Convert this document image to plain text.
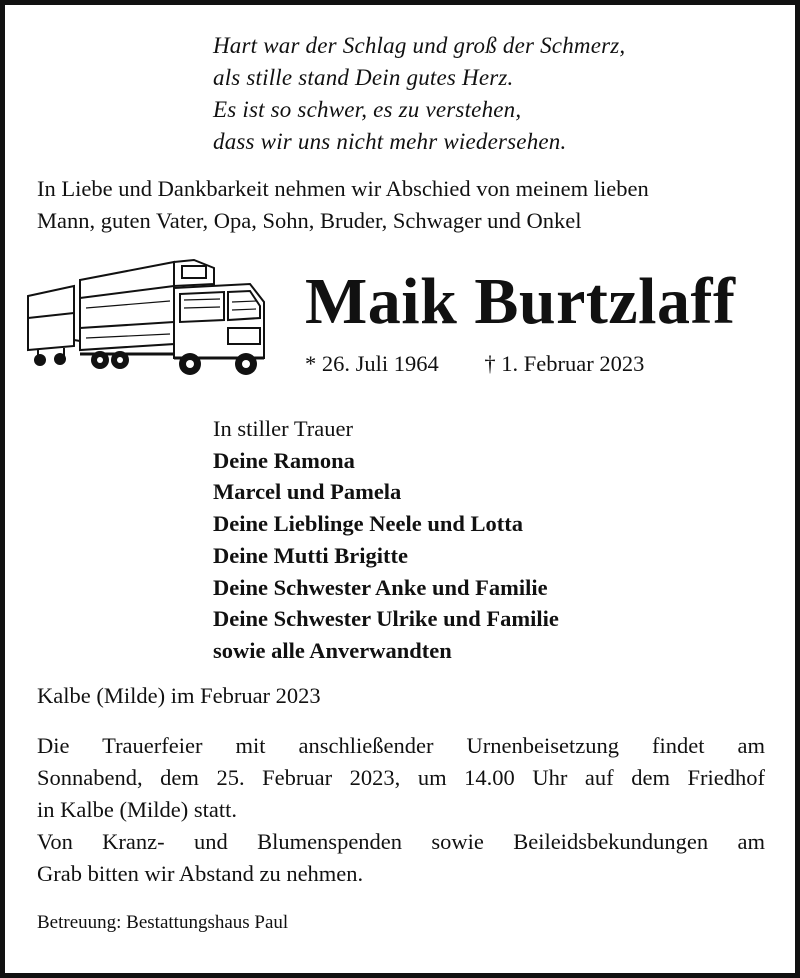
Hart war der Schlag und groß der Schmerz,
als stille stand Dein gutes Herz.
Es ist so schwer, es zu verstehen,
dass wir uns nicht mehr wiedersehen.
In Liebe und Dankbarkeit nehmen wir Abschied von meinem lieben
Mann, guten Vater, Opa, Sohn, Bruder, Schwager und Onkel
Maik Burtzlaff
* 26. Juli 1964 † 1. Februar 2023
In stiller Trauer
Deine Ramona
Marcel und Pamela
Deine Lieblinge Neele und Lotta
Deine Mutti Brigitte
Deine Schwester Anke und Familie
Deine Schwester Ulrike und Familie
sowie alle Anverwandten
Kalbe (Milde) im Februar 2023
Die Trauerfeier mit anschließender Urnenbeisetzung findet am
Sonnabend, dem 25. Februar 2023, um 14.00 Uhr auf dem Friedhof
in Kalbe (Milde) statt.
Von Kranz- und Blumenspenden sowie Beileidsbekundungen am
Grab bitten wir Abstand zu nehmen.
Betreuung: Bestattungshaus Paul
